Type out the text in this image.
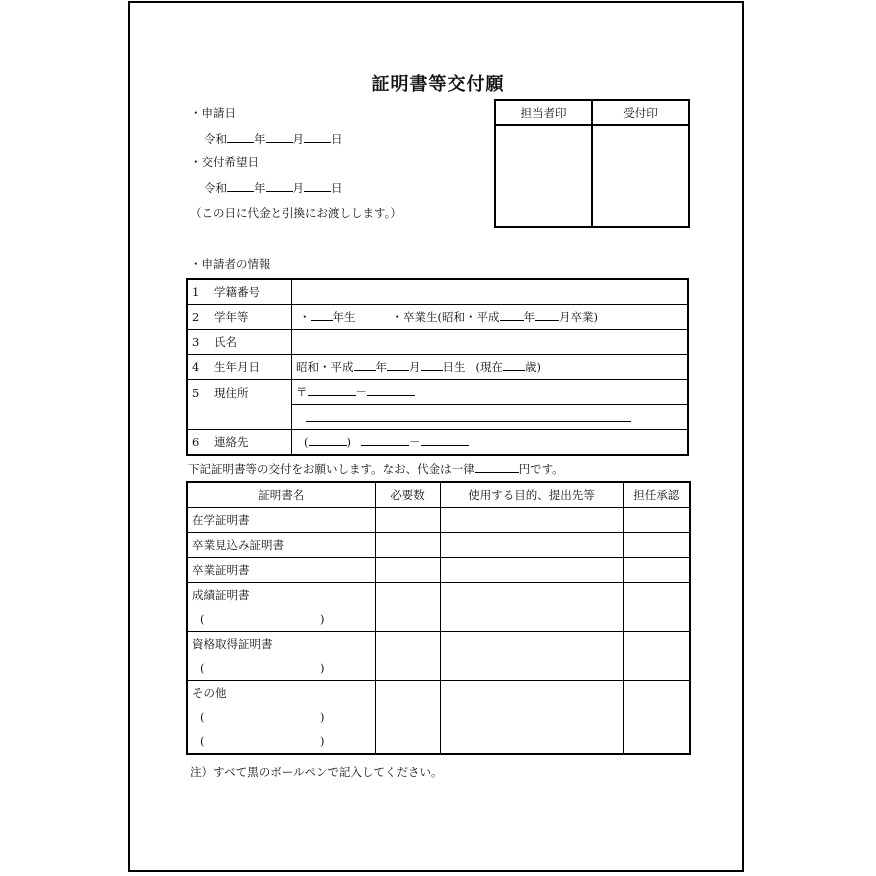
証明書等交付願
・申請日
令和 年 月 日
・交付希望日
令和 年 月 日
（この日に代金と引換にお渡しします。）
担当者印	受付印
・申請者の情報
1 学籍番号	
2 学年等	・ 年生 ・卒業生(昭和・平成 年 月卒業)
3 氏名	
4 生年月日	昭和・平成 年 月 日生 (現在 歳)
5 現住所	〒 －

6 連絡先	( ) －
下記証明書等の交付をお願いします。なお、代金は一律	円です。
証明書名	必要数	使用する目的、提出先等	担任承認
在学証明書			
卒業見込み証明書			
卒業証明書			
成績証明書
( )			

資格取得証明書
( )			

その他
( )
( )			

注）すべて黒のボールペンで記入してください。
